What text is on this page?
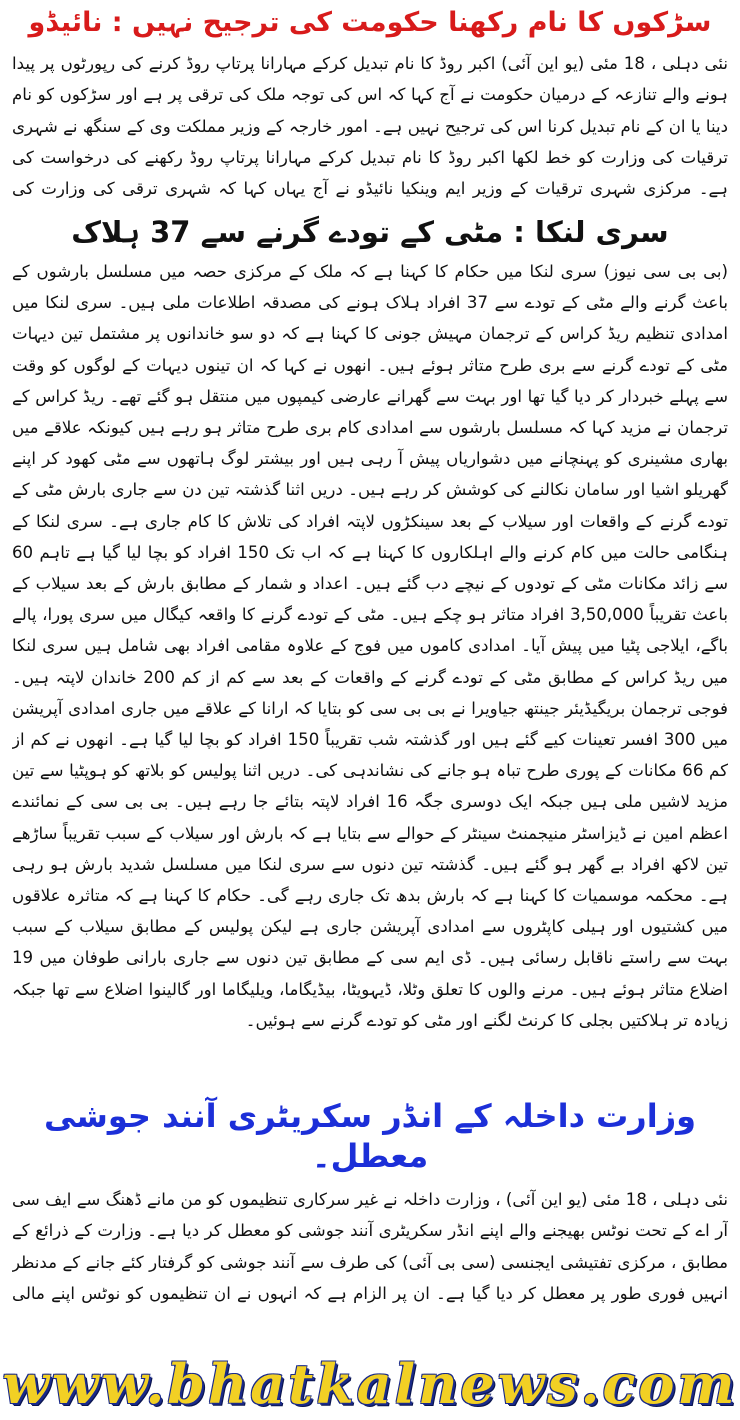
سڑکوں کا نام رکھنا حکومت کی ترجیح نہیں : نائیڈو

نئی دہلی ، 18 مئی (یو این آئی) اکبر روڈ کا نام تبدیل کرکے مہارانا پرتاپ روڈ کرنے کی رپورٹوں پر پیدا ہونے والے تنازعہ کے درمیان حکومت نے آج کہا کہ اس کی توجہ ملک کی ترقی پر ہے اور سڑکوں کو نام دینا یا ان کے نام تبدیل کرنا اس کی ترجیح نہیں ہے۔ امور خارجہ کے وزیر مملکت وی کے سنگھ نے شہری ترقیات کی وزارت کو خط لکھا اکبر روڈ کا نام تبدیل کرکے مہارانا پرتاپ روڈ رکھنے کی درخواست کی ہے۔ مرکزی شہری ترقیات کے وزیر ایم وینکیا نائیڈو نے آج یہاں کہا کہ شہری ترقی کی وزارت کی

سری لنکا : مٹی کے تودے گرنے سے 37 ہلاک

(بی بی سی نیوز) سری لنکا میں حکام کا کہنا ہے کہ ملک کے مرکزی حصہ میں مسلسل بارشوں کے باعث گرنے والے مٹی کے تودے سے 37 افراد ہلاک ہونے کی مصدقہ اطلاعات ملی ہیں۔ سری لنکا میں امدادی تنظیم ریڈ کراس کے ترجمان مہیش جونی کا کہنا ہے کہ دو سو خاندانوں پر مشتمل تین دیہات مٹی کے تودے گرنے سے بری طرح متاثر ہوئے ہیں۔ انھوں نے کہا کہ ان تینوں دیہات کے لوگوں کو وقت سے پہلے خبردار کر دیا گیا تھا اور بہت سے گھرانے عارضی کیمپوں میں منتقل ہو گئے تھے۔ ریڈ کراس کے ترجمان نے مزید کہا کہ مسلسل بارشوں سے امدادی کام بری طرح متاثر ہو رہے ہیں کیونکہ علاقے میں بھاری مشینری کو پہنچانے میں دشواریاں پیش آ رہی ہیں اور بیشتر لوگ ہاتھوں سے مٹی کھود کر اپنے گھریلو اشیا اور سامان نکالنے کی کوشش کر رہے ہیں۔ دریں اثنا گذشتہ تین دن سے جاری بارش مٹی کے تودے گرنے کے واقعات اور سیلاب کے بعد سینکڑوں لاپتہ افراد کی تلاش کا کام جاری ہے۔ سری لنکا کے ہنگامی حالت میں کام کرنے والے اہلکاروں کا کہنا ہے کہ اب تک 150 افراد کو بچا لیا گیا ہے تاہم 60 سے زائد مکانات مٹی کے تودوں کے نیچے دب گئے ہیں۔ اعداد و شمار کے مطابق بارش کے بعد سیلاب کے باعث تقریباً 3,50,000 افراد متاثر ہو چکے ہیں۔ مٹی کے تودے گرنے کا واقعہ کیگال میں سری پورا، پالے باگے، ایلاجی پٹیا میں پیش آیا۔ امدادی کاموں میں فوج کے علاوہ مقامی افراد بھی شامل ہیں سری لنکا میں ریڈ کراس کے مطابق مٹی کے تودے گرنے کے واقعات کے بعد سے کم از کم 200 خاندان لاپتہ ہیں۔ فوجی ترجمان بریگیڈیئر جینتھ جیاویرا نے بی بی سی کو بتایا کہ ارانا کے علاقے میں جاری امدادی آپریشن میں 300 افسر تعینات کیے گئے ہیں اور گذشتہ شب تقریباً 150 افراد کو بچا لیا گیا ہے۔ انھوں نے کم از کم 66 مکانات کے پوری طرح تباہ ہو جانے کی نشاندہی کی۔ دریں اثنا پولیس کو بلاتھ کو ہوپٹیا سے تین مزید لاشیں ملی ہیں جبکہ ایک دوسری جگہ 16 افراد لاپتہ بتائے جا رہے ہیں۔ بی بی سی کے نمائندے اعظم امین نے ڈیزاسٹر منیجمنٹ سینٹر کے حوالے سے بتایا ہے کہ بارش اور سیلاب کے سبب تقریباً ساڑھے تین لاکھ افراد بے گھر ہو گئے ہیں۔ گذشتہ تین دنوں سے سری لنکا میں مسلسل شدید بارش ہو رہی ہے۔ محکمہ موسمیات کا کہنا ہے کہ بارش بدھ تک جاری رہے گی۔ حکام کا کہنا ہے کہ متاثرہ علاقوں میں کشتیوں اور ہیلی کاپٹروں سے امدادی آپریشن جاری ہے لیکن پولیس کے مطابق سیلاب کے سبب بہت سے راستے ناقابل رسائی ہیں۔ ڈی ایم سی کے مطابق تین دنوں سے جاری بارانی طوفان میں 19 اضلاع متاثر ہوئے ہیں۔ مرنے والوں کا تعلق وٹلا، ڈیہویٹا، بیڈیگاما، ویلیگاما اور گالینوا اضلاع سے تھا جبکہ زیادہ تر ہلاکتیں بجلی کا کرنٹ لگنے اور مٹی کو تودے گرنے سے ہوئیں۔

وزارت داخلہ کے انڈر سکریٹری آنند جوشی معطل۔

نئی دہلی ، 18 مئی (یو این آئی) ، وزارت داخلہ نے غیر سرکاری تنظیموں کو من مانے ڈھنگ سے ایف سی آر اے کے تحت نوٹس بھیجنے والے اپنے انڈر سکریٹری آنند جوشی کو معطل کر دیا ہے۔ وزارت کے ذرائع کے مطابق ، مرکزی تفتیشی ایجنسی (سی بی آئی) کی طرف سے آنند جوشی کو گرفتار کئے جانے کے مدنظر انہیں فوری طور پر معطل کر دیا گیا ہے۔ ان پر الزام ہے کہ انہوں نے ان تنظیموں کو نوٹس اپنے مالی

www.bhatkalnews.com
